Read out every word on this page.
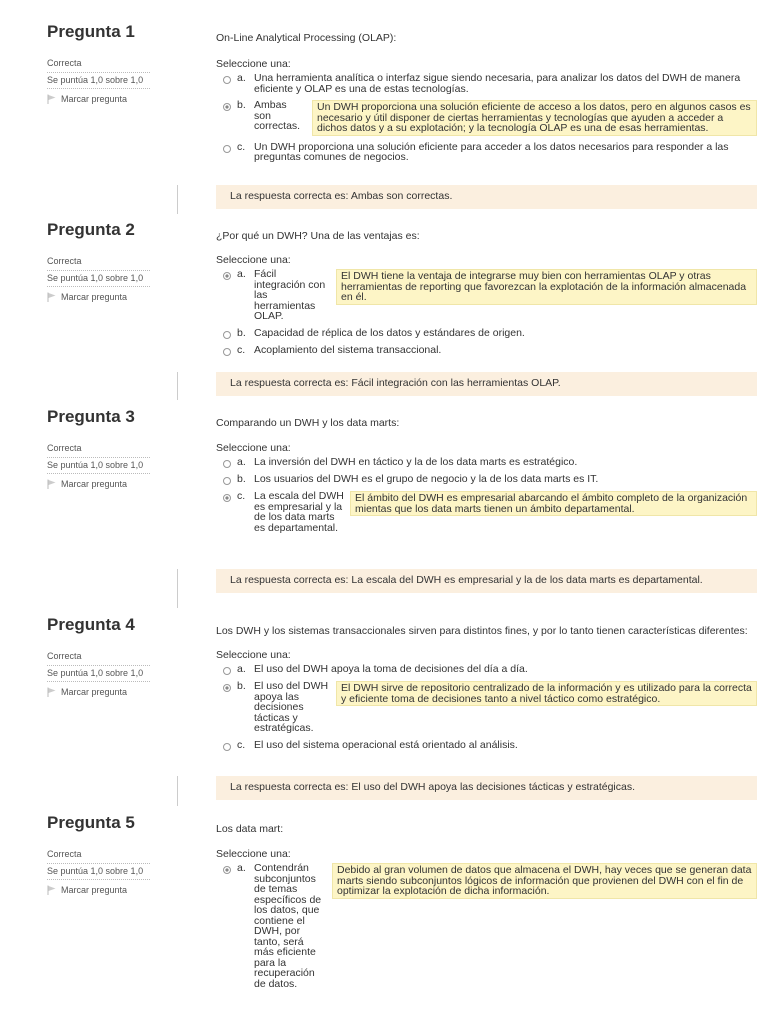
Pregunta 1
Correcta
Se puntúa 1,0 sobre 1,0
Marcar pregunta
On-Line Analytical Processing (OLAP):
Seleccione una:
a. Una herramienta analítica o interfaz sigue siendo necesaria, para analizar los datos del DWH de manera eficiente y OLAP es una de estas tecnologías.
b. Ambas son correctas.
Un DWH proporciona una solución eficiente de acceso a los datos, pero en algunos casos es necesario y útil disponer de ciertas herramientas y tecnologías que ayuden a acceder a dichos datos y a su explotación; y la tecnología OLAP es una de esas herramientas.
c. Un DWH proporciona una solución eficiente para acceder a los datos necesarios para responder a las preguntas comunes de negocios.
La respuesta correcta es: Ambas son correctas.
Pregunta 2
Correcta
Se puntúa 1,0 sobre 1,0
Marcar pregunta
¿Por qué un DWH? Una de las ventajas es:
Seleccione una:
a. Fácil integración con las herramientas OLAP.
El DWH tiene la ventaja de integrarse muy bien con herramientas OLAP y otras herramientas de reporting que favorezcan la explotación de la información almacenada en él.
b. Capacidad de réplica de los datos y estándares de origen.
c. Acoplamiento del sistema transaccional.
La respuesta correcta es: Fácil integración con las herramientas OLAP.
Pregunta 3
Correcta
Se puntúa 1,0 sobre 1,0
Marcar pregunta
Comparando un DWH y los data marts:
Seleccione una:
a. La inversión del DWH en táctico y la de los data marts es estratégico.
b. Los usuarios del DWH es el grupo de negocio y la de los data marts es IT.
c. La escala del DWH es empresarial y la de los data marts es departamental.
El ámbito del DWH es empresarial abarcando el ámbito completo de la organización mientas que los data marts tienen un ámbito departamental.
La respuesta correcta es: La escala del DWH es empresarial y la de los data marts es departamental.
Pregunta 4
Correcta
Se puntúa 1,0 sobre 1,0
Marcar pregunta
Los DWH y los sistemas transaccionales sirven para distintos fines, y por lo tanto tienen características diferentes:
Seleccione una:
a. El uso del DWH apoya la toma de decisiones del día a día.
b. El uso del DWH apoya las decisiones tácticas y estratégicas.
El DWH sirve de repositorio centralizado de la información y es utilizado para la correcta y eficiente toma de decisiones tanto a nivel táctico como estratégico.
c. El uso del sistema operacional está orientado al análisis.
La respuesta correcta es: El uso del DWH apoya las decisiones tácticas y estratégicas.
Pregunta 5
Correcta
Se puntúa 1,0 sobre 1,0
Marcar pregunta
Los data mart:
Seleccione una:
a. Contendrán subconjuntos de temas específicos de los datos, que contiene el DWH, por tanto, será más eficiente para la recuperación de datos.
Debido al gran volumen de datos que almacena el DWH, hay veces que se generan data marts siendo subconjuntos lógicos de información que provienen del DWH con el fin de optimizar la explotación de dicha información.
